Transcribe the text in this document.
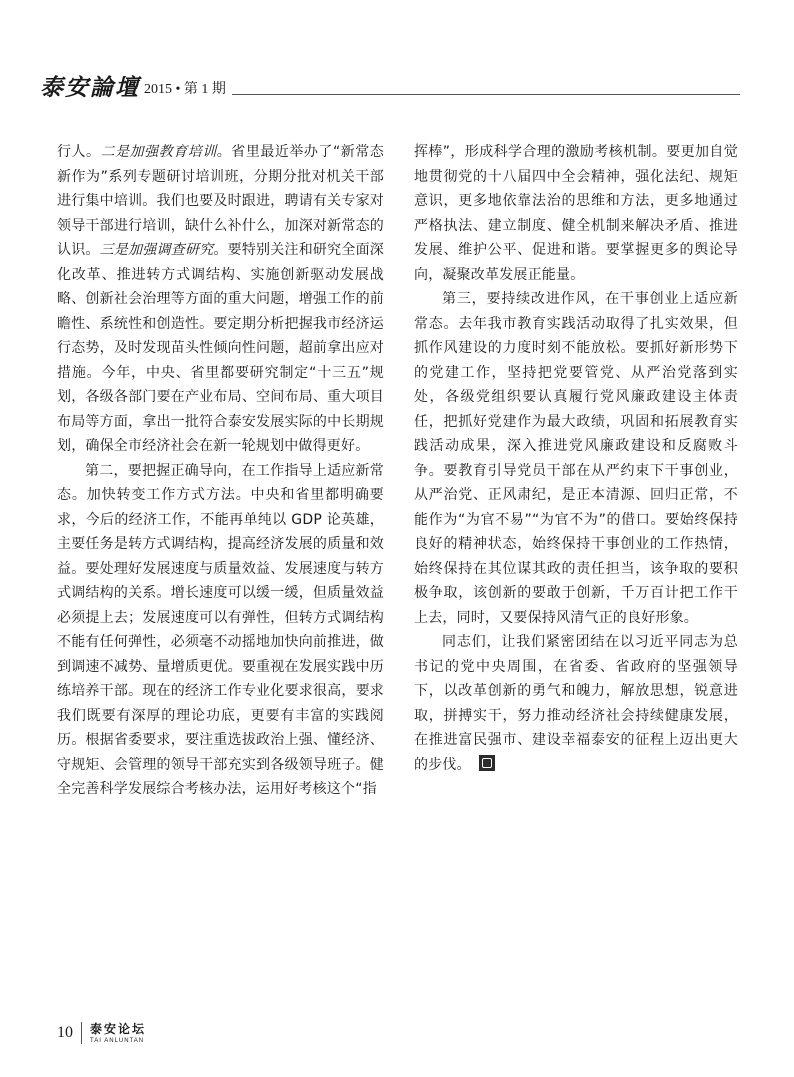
泰安論壇 2015 • 第 1 期

行人。二是加强教育培训。省里最近举办了“新常态新作为”系列专题研讨培训班，分期分批对机关干部进行集中培训。我们也要及时跟进，聘请有关专家对领导干部进行培训，缺什么补什么，加深对新常态的认识。三是加强调查研究。要特别关注和研究全面深化改革、推进转方式调结构、实施创新驱动发展战略、创新社会治理等方面的重大问题，增强工作的前瞻性、系统性和创造性。要定期分析把握我市经济运行态势，及时发现苗头性倾向性问题，超前拿出应对措施。今年，中央、省里都要研究制定“十三五”规划，各级各部门要在产业布局、空间布局、重大项目布局等方面，拿出一批符合泰安发展实际的中长期规划，确保全市经济社会在新一轮规划中做得更好。

第二，要把握正确导向，在工作指导上适应新常态。加快转变工作方式方法。中央和省里都明确要求，今后的经济工作，不能再单纯以 GDP 论英雄，主要任务是转方式调结构，提高经济发展的质量和效益。要处理好发展速度与质量效益、发展速度与转方式调结构的关系。增长速度可以缓一缓，但质量效益必须提上去；发展速度可以有弹性，但转方式调结构不能有任何弹性，必须毫不动摇地加快向前推进，做到调速不减势、量增质更优。要重视在发展实践中历练培养干部。现在的经济工作专业化要求很高，要求我们既要有深厚的理论功底，更要有丰富的实践阅历。根据省委要求，要注重选拔政治上强、懂经济、守规矩、会管理的领导干部充实到各级领导班子。健全完善科学发展综合考核办法，运用好考核这个“指

挥棒”，形成科学合理的激励考核机制。要更加自觉地贯彻党的十八届四中全会精神，强化法纪、规矩意识，更多地依靠法治的思维和方法，更多地通过严格执法、建立制度、健全机制来解决矛盾、推进发展、维护公平、促进和谐。要掌握更多的舆论导向，凝聚改革发展正能量。

第三，要持续改进作风，在干事创业上适应新常态。去年我市教育实践活动取得了扎实效果，但抓作风建设的力度时刻不能放松。要抓好新形势下的党建工作，坚持把党要管党、从严治党落到实处，各级党组织要认真履行党风廉政建设主体责任，把抓好党建作为最大政绩，巩固和拓展教育实践活动成果，深入推进党风廉政建设和反腐败斗争。要教育引导党员干部在从严约束下干事创业，从严治党、正风肃纪，是正本清源、回归正常，不能作为“为官不易”“为官不为”的借口。要始终保持良好的精神状态，始终保持干事创业的工作热情，始终保持在其位谋其政的责任担当，该争取的要积极争取，该创新的要敢于创新，千万百计把工作干上去，同时，又要保持风清气正的良好形象。

同志们，让我们紧密团结在以习近平同志为总书记的党中央周围，在省委、省政府的坚强领导下，以改革创新的勇气和魄力，解放思想，锐意进取，拼搏实干，努力推动经济社会持续健康发展，在推进富民强市、建设幸福泰安的征程上迈出更大的步伐。

10 泰安论坛
TAI ANLUNTAN
